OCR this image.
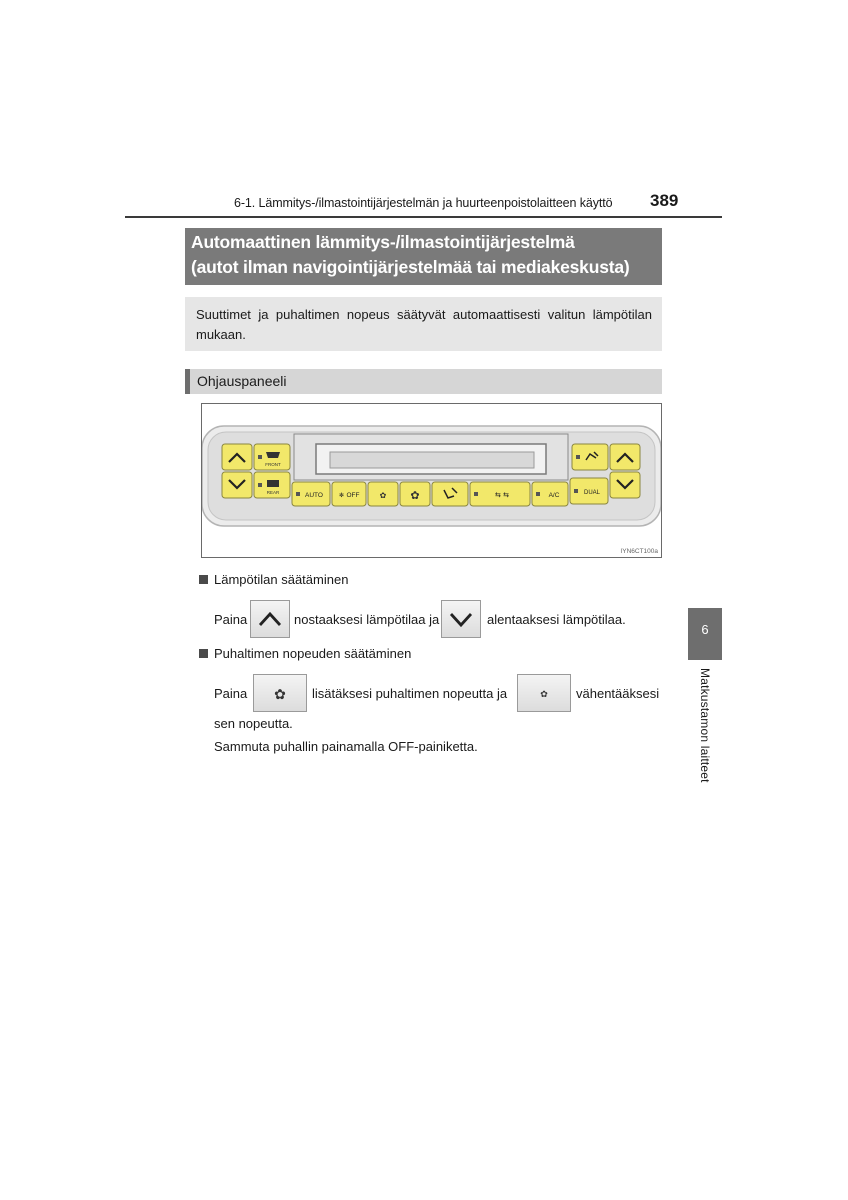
6-1. Lämmitys-/ilmastointijärjestelmän ja huurteenpoistolaitteen käyttö 389
Automaattinen lämmitys-/ilmastointijärjestelmä
(autot ilman navigointijärjestelmää tai mediakeskusta)
Suuttimet ja puhaltimen nopeus säätyvät automaattisesti valitun lämpötilan mukaan.
Ohjauspaneeli
FRONT
REAR	AUTO	✻ OFF	✿ ✿	⇆ ⇆	A/C	DUAL
IYN6CT100a
Lämpötilan säätäminen
Paina	nostaaksesi lämpötilaa ja	alentaaksesi lämpötilaa.
Puhaltimen nopeuden säätäminen
Paina ✿ lisätäksesi puhaltimen nopeutta ja	✿ vähentääksesi
sen nopeutta.
Sammuta puhallin painamalla OFF-painiketta.
6
Matkustamon laitteet
